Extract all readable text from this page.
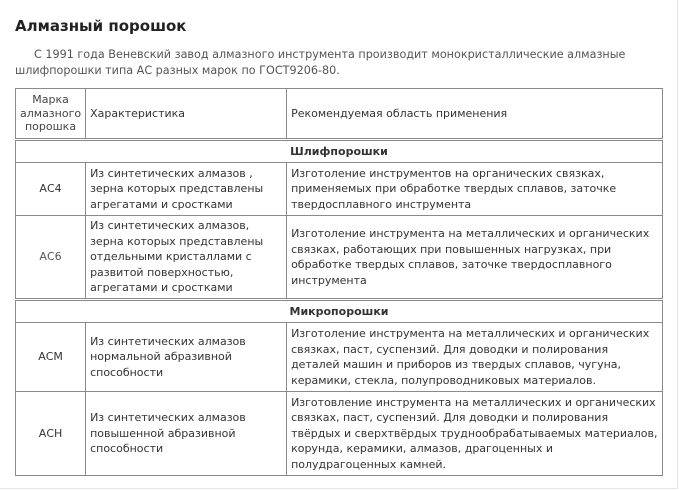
Алмазный порошок

С 1991 года Веневский завод алмазного инструмента производит монокристаллические алмазные шлифпорошки типа АС разных марок по ГОСТ9206-80.

Марка алмазного порошка	Характеристика	Рекомендуемая область применения
Шлифпорошки		
АС4	Из синтетических алмазов , зерна которых представлены агрегатами и сростками	Изготоление инструментов на органических связках, применяемых при обработке твердых сплавов, заточке твердосплавного инструмента
АС6	Из синтетических алмазов, зерна которых представлены отдельными кристаллами с развитой поверхностью, агрегатами и сростками	Изготоление инструмента на металлических и органических связках, работающих при повышенных нагрузках, при обработке твердых сплавов, заточке твердосплавного инструмента
Микропорошки		
АСМ	Из синтетических алмазов нормальной абразивной способности	Изготоление инструмента на металлических и органических связках, паст, суспензий. Для доводки и полирования деталей машин и приборов из твердых сплавов, чугуна, керамики, стекла, полупроводниковых материалов.
АСН	Из синтетических алмазов повышенной абразивной способности	Изготовление инструмента на металлических и органических связках, паст, суспензий. Для доводки и полирования твёрдых и сверхтвёрдых труднообрабатываемых материалов, корунда, керамики, алмазов, драгоценных и полудрагоценных камней.
